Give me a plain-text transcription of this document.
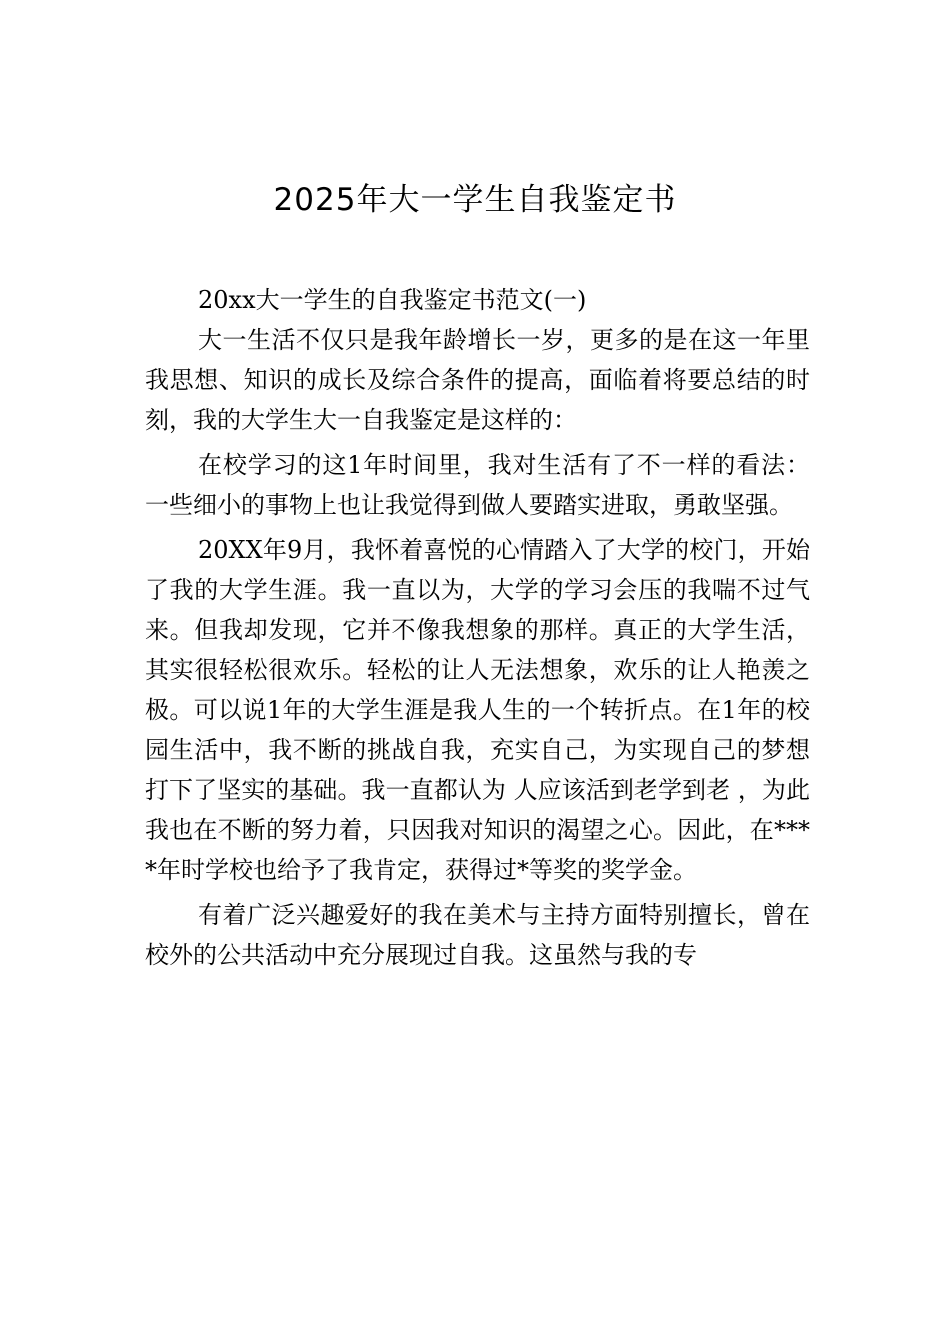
2025年大一学生自我鉴定书

20xx大一学生的自我鉴定书范文(一)

大一生活不仅只是我年龄增长一岁，更多的是在这一年里我思想、知识的成长及综合条件的提高，面临着将要总结的时刻，我的大学生大一自我鉴定是这样的：

在校学习的这1年时间里，我对生活有了不一样的看法：一些细小的事物上也让我觉得到做人要踏实进取，勇敢坚强。

20XX年9月，我怀着喜悦的心情踏入了大学的校门，开始了我的大学生涯。我一直以为，大学的学习会压的我喘不过气来。但我却发现，它并不像我想象的那样。真正的大学生活，其实很轻松很欢乐。轻松的让人无法想象，欢乐的让人艳羡之极。可以说1年的大学生涯是我人生的一个转折点。在1年的校园生活中，我不断的挑战自我，充实自己，为实现自己的梦想打下了坚实的基础。我一直都认为 人应该活到老学到老 ，为此我也在不断的努力着，只因我对知识的渴望之心。因此，在****年时学校也给予了我肯定，获得过*等奖的奖学金。

有着广泛兴趣爱好的我在美术与主持方面特别擅长，曾在校外的公共活动中充分展现过自我。这虽然与我的专
